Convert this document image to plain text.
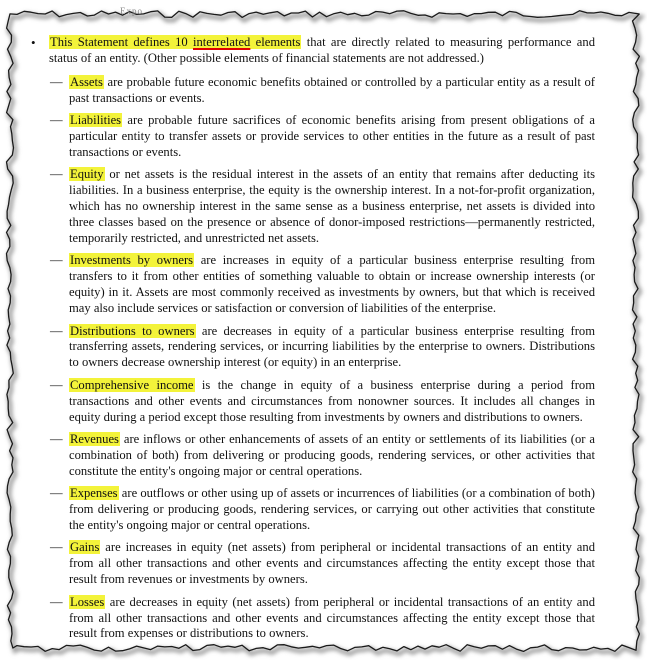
Expo
• This Statement defines 10 interrelated elements that are directly related to measuring performance and status of an entity. (Other possible elements of financial statements are not addressed.)
— Assets are probable future economic benefits obtained or controlled by a particular entity as a result of past transactions or events.
— Liabilities are probable future sacrifices of economic benefits arising from present obligations of a particular entity to transfer assets or provide services to other entities in the future as a result of past transactions or events.
— Equity or net assets is the residual interest in the assets of an entity that remains after deducting its liabilities. In a business enterprise, the equity is the ownership interest. In a not-for-profit organization, which has no ownership interest in the same sense as a business enterprise, net assets is divided into three classes based on the presence or absence of donor-imposed restrictions—permanently restricted, temporarily restricted, and unrestricted net assets.
— Investments by owners are increases in equity of a particular business enterprise resulting from transfers to it from other entities of something valuable to obtain or increase ownership interests (or equity) in it. Assets are most commonly received as investments by owners, but that which is received may also include services or satisfaction or conversion of liabilities of the enterprise.
— Distributions to owners are decreases in equity of a particular business enterprise resulting from transferring assets, rendering services, or incurring liabilities by the enterprise to owners. Distributions to owners decrease ownership interest (or equity) in an enterprise.
— Comprehensive income is the change in equity of a business enterprise during a period from transactions and other events and circumstances from nonowner sources. It includes all changes in equity during a period except those resulting from investments by owners and distributions to owners.
— Revenues are inflows or other enhancements of assets of an entity or settlements of its liabilities (or a combination of both) from delivering or producing goods, rendering services, or other activities that constitute the entity's ongoing major or central operations.
— Expenses are outflows or other using up of assets or incurrences of liabilities (or a combination of both) from delivering or producing goods, rendering services, or carrying out other activities that constitute the entity's ongoing major or central operations.
— Gains are increases in equity (net assets) from peripheral or incidental transactions of an entity and from all other transactions and other events and circumstances affecting the entity except those that result from revenues or investments by owners.
— Losses are decreases in equity (net assets) from peripheral or incidental transactions of an entity and from all other transactions and other events and circumstances affecting the entity except those that result from expenses or distributions to owners.
